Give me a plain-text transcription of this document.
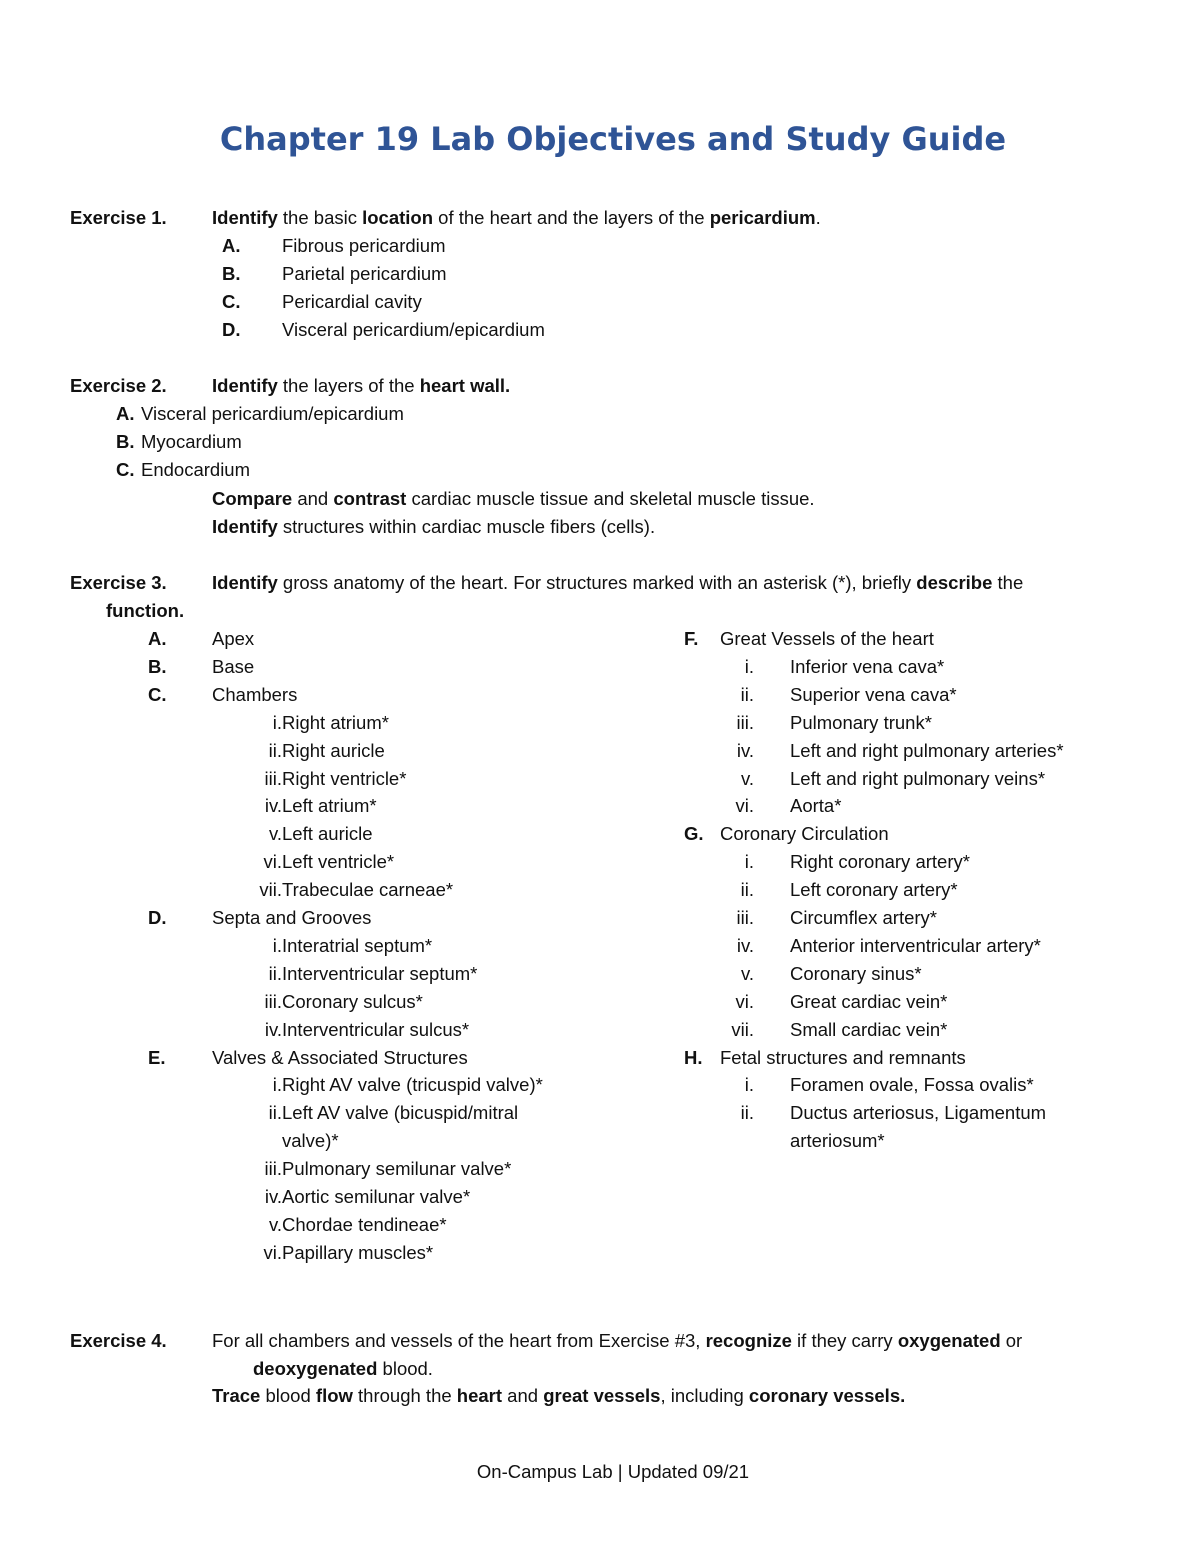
Chapter 19 Lab Objectives and Study Guide
Exercise 1. Identify the basic location of the heart and the layers of the pericardium.
A. Fibrous pericardium
B. Parietal pericardium
C. Pericardial cavity
D. Visceral pericardium/epicardium
Exercise 2. Identify the layers of the heart wall.
A. Visceral pericardium/epicardium
B. Myocardium
C. Endocardium
Compare and contrast cardiac muscle tissue and skeletal muscle tissue.
Identify structures within cardiac muscle fibers (cells).
Exercise 3. Identify gross anatomy of the heart. For structures marked with an asterisk (*), briefly describe the
function.
A. Apex
B. Base
C. Chambers
i. Right atrium*
ii. Right auricle
iii. Right ventricle*
iv. Left atrium*
v. Left auricle
vi. Left ventricle*
vii. Trabeculae carneae*
D. Septa and Grooves
i. Interatrial septum*
ii. Interventricular septum*
iii. Coronary sulcus*
iv. Interventricular sulcus*
E.	Valves & Associated Structures
i. Right AV valve (tricuspid valve)*
ii. Left AV valve (bicuspid/mitral
valve)*
iii. Pulmonary semilunar valve*
iv. Aortic semilunar valve*
v. Chordae tendineae*
vi. Papillary muscles*
F. Great Vessels of the heart
i. Inferior vena cava*
ii. Superior vena cava*
iii. Pulmonary trunk*
iv. Left and right pulmonary arteries*
v. Left and right pulmonary veins*
vi. Aorta*
G. Coronary Circulation
i. Right coronary artery*
ii. Left coronary artery*
iii. Circumflex artery*
iv. Anterior interventricular artery*
v. Coronary sinus*
vi. Great cardiac vein*
vii. Small cardiac vein*
H. Fetal structures and remnants
i. Foramen ovale, Fossa ovalis*
ii. Ductus arteriosus, Ligamentum
arteriosum*
Exercise 4. For all chambers and vessels of the heart from Exercise #3, recognize if they carry oxygenated or
deoxygenated blood.
Trace blood flow through the heart and great vessels, including coronary vessels.
On-Campus Lab | Updated 09/21
